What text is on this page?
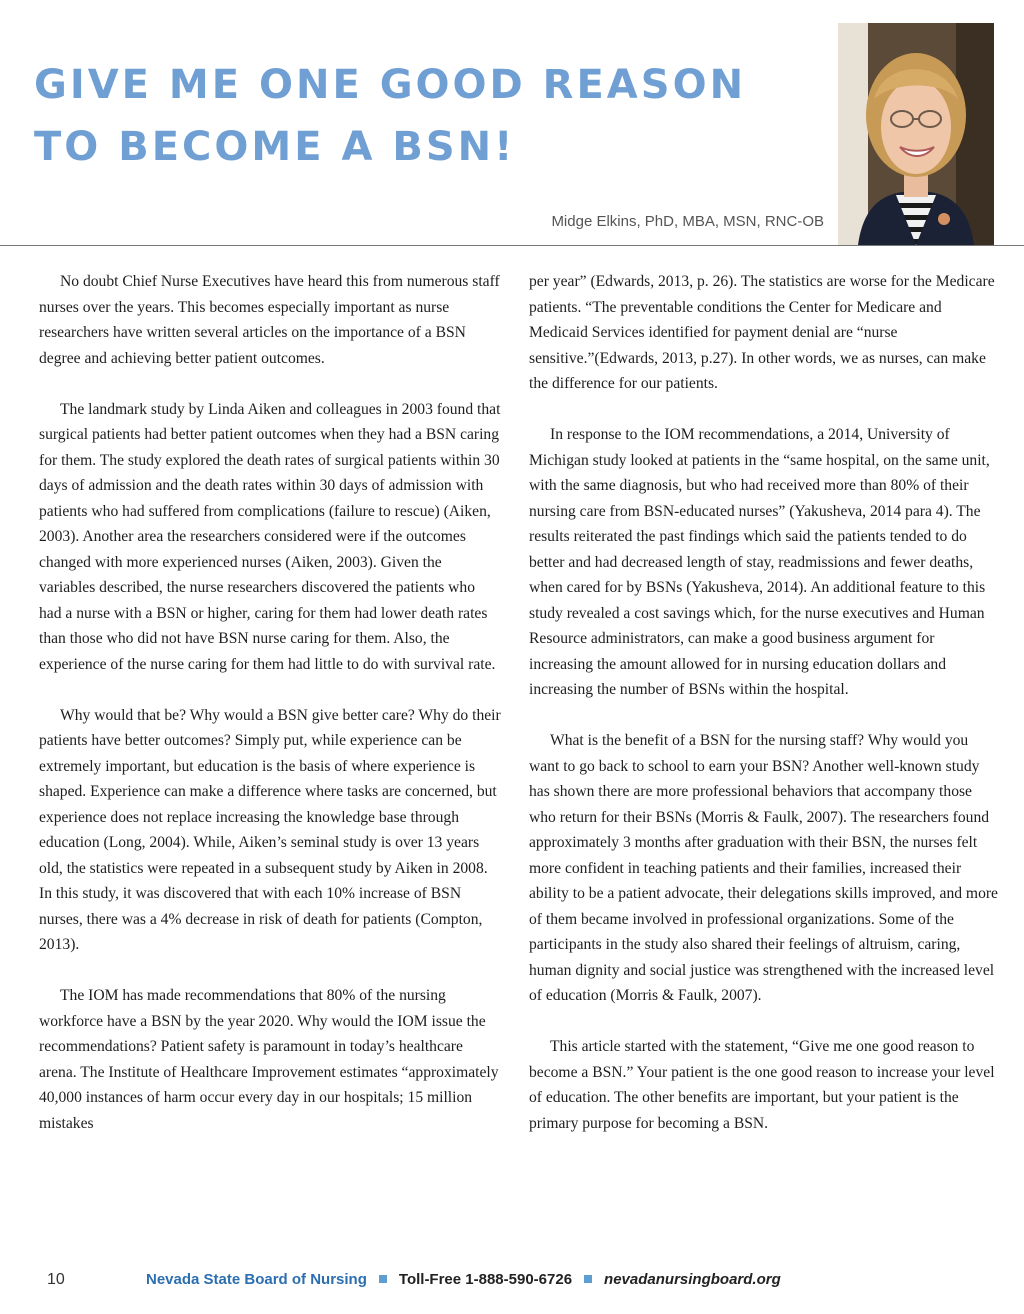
GIVE ME ONE GOOD REASON
TO BECOME A BSN!
Midge Elkins, PhD, MBA, MSN, RNC-OB

No doubt Chief Nurse Executives have heard this from numerous staff nurses over the years. This becomes especially important as nurse researchers have written several articles on the importance of a BSN degree and achieving better patient outcomes.

The landmark study by Linda Aiken and colleagues in 2003 found that surgical patients had better patient outcomes when they had a BSN caring for them. The study explored the death rates of surgical patients within 30 days of admission and the death rates within 30 days of admission with patients who had suffered from complications (failure to rescue) (Aiken, 2003). Another area the researchers considered were if the outcomes changed with more experienced nurses (Aiken, 2003). Given the variables described, the nurse researchers discovered the patients who had a nurse with a BSN or higher, caring for them had lower death rates than those who did not have BSN nurse caring for them. Also, the experience of the nurse caring for them had little to do with survival rate.

Why would that be? Why would a BSN give better care? Why do their patients have better outcomes? Simply put, while experience can be extremely important, but education is the basis of where experience is shaped. Experience can make a difference where tasks are concerned, but experience does not replace increasing the knowledge base through education (Long, 2004). While, Aiken’s seminal study is over 13 years old, the statistics were repeated in a subsequent study by Aiken in 2008. In this study, it was discovered that with each 10% increase of BSN nurses, there was a 4% decrease in risk of death for patients (Compton, 2013).

The IOM has made recommendations that 80% of the nursing workforce have a BSN by the year 2020. Why would the IOM issue the recommendations? Patient safety is paramount in today’s healthcare arena. The Institute of Healthcare Improvement estimates “approximately 40,000 instances of harm occur every day in our hospitals; 15 million mistakes

per year” (Edwards, 2013, p. 26). The statistics are worse for the Medicare patients. “The preventable conditions the Center for Medicare and Medicaid Services identified for payment denial are “nurse sensitive.”(Edwards, 2013, p.27). In other words, we as nurses, can make the difference for our patients.

In response to the IOM recommendations, a 2014, University of Michigan study looked at patients in the “same hospital, on the same unit, with the same diagnosis, but who had received more than 80% of their nursing care from BSN-educated nurses” (Yakusheva, 2014 para 4). The results reiterated the past findings which said the patients tended to do better and had decreased length of stay, readmissions and fewer deaths, when cared for by BSNs (Yakusheva, 2014). An additional feature to this study revealed a cost savings which, for the nurse executives and Human Resource administrators, can make a good business argument for increasing the amount allowed for in nursing education dollars and increasing the number of BSNs within the hospital.

What is the benefit of a BSN for the nursing staff? Why would you want to go back to school to earn your BSN? Another well-known study has shown there are more professional behaviors that accompany those who return for their BSNs (Morris & Faulk, 2007). The researchers found approximately 3 months after graduation with their BSN, the nurses felt more confident in teaching patients and their families, increased their ability to be a patient advocate, their delegations skills improved, and more of them became involved in professional organizations. Some of the participants in the study also shared their feelings of altruism, caring, human dignity and social justice was strengthened with the increased level of education (Morris & Faulk, 2007).

This article started with the statement, “Give me one good reason to become a BSN.” Your patient is the one good reason to increase your level of education. The other benefits are important, but your patient is the primary purpose for becoming a BSN.

10	Nevada State Board of Nursing Toll-Free 1-888-590-6726 nevadanursingboard.org
